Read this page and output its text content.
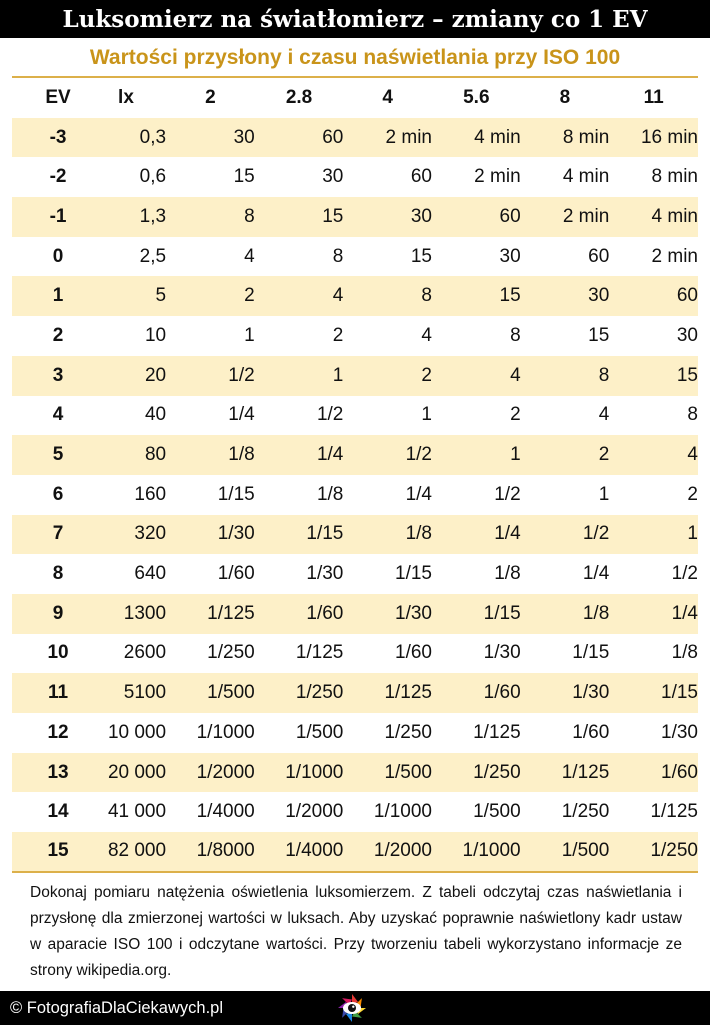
Luksomierz na światłomierz – zmiany co 1 EV
Wartości przysłony i czasu naświetlania przy ISO 100
EV	lx	2	2.8	4	5.6	8	11
-3	0,3	30	60	2 min	4 min	8 min	16 min
-2	0,6	15	30	60	2 min	4 min	8 min
-1	1,3	8	15	30	60	2 min	4 min
0	2,5	4	8	15	30	60	2 min
1	5	2	4	8	15	30	60
2	10	1	2	4	8	15	30
3	20	1/2	1	2	4	8	15
4	40	1/4	1/2	1	2	4	8
5	80	1/8	1/4	1/2	1	2	4
6	160	1/15	1/8	1/4	1/2	1	2
7	320	1/30	1/15	1/8	1/4	1/2	1
8	640	1/60	1/30	1/15	1/8	1/4	1/2
9	1300	1/125	1/60	1/30	1/15	1/8	1/4
10	2600	1/250	1/125	1/60	1/30	1/15	1/8
11	5100	1/500	1/250	1/125	1/60	1/30	1/15
12	10 000	1/1000	1/500	1/250	1/125	1/60	1/30
13	20 000	1/2000	1/1000	1/500	1/250	1/125	1/60
14	41 000	1/4000	1/2000	1/1000	1/500	1/250	1/125
15	82 000	1/8000	1/4000	1/2000	1/1000	1/500	1/250
Dokonaj pomiaru natężenia oświetlenia luksomierzem. Z tabeli odczytaj czas naświetlania i przysłonę dla zmierzonej wartości w luksach. Aby uzyskać poprawnie naświetlony kadr ustaw w aparacie ISO 100 i odczytane wartości. Przy tworzeniu tabeli wykorzystano informacje ze strony wikipedia.org.
© FotografiaDlaCiekawych.pl
